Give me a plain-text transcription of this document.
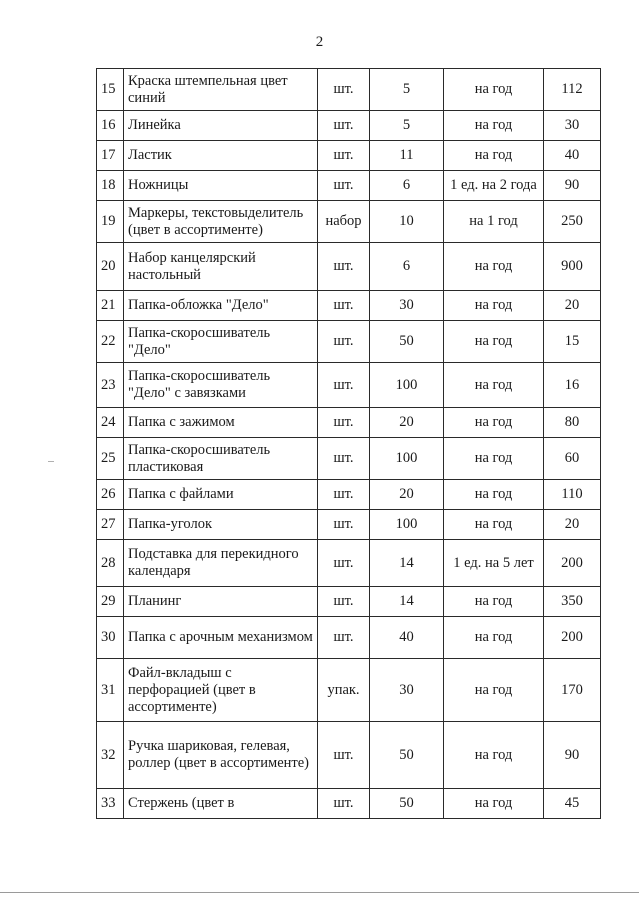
2
15	Краска штемпельная цвет синий	шт.	5	на год	112
16	Линейка	шт.	5	на год	30
17	Ластик	шт.	11	на год	40
18	Ножницы	шт.	6	1 ед. на 2 года	90
19	Маркеры, текстовыделитель (цвет в ассортименте)	набор	10	на 1 год	250
20	Набор канцелярский настольный	шт.	6	на год	900
21	Папка-обложка "Дело"	шт.	30	на год	20
22	Папка-скоросшиватель "Дело"	шт.	50	на год	15
23	Папка-скоросшиватель "Дело" с завязками	шт.	100	на год	16
24	Папка с зажимом	шт.	20	на год	80
25	Папка-скоросшиватель пластиковая	шт.	100	на год	60
26	Папка с файлами	шт.	20	на год	110
27	Папка-уголок	шт.	100	на год	20
28	Подставка для перекидного календаря	шт.	14	1 ед. на 5 лет	200
29	Планинг	шт.	14	на год	350
30	Папка с арочным механизмом	шт.	40	на год	200
31	Файл-вкладыш с перфорацией (цвет в ассортименте)	упак.	30	на год	170
32	Ручка шариковая, гелевая, роллер (цвет в ассортименте)	шт.	50	на год	90
33	Стержень (цвет в	шт.	50	на год	45
